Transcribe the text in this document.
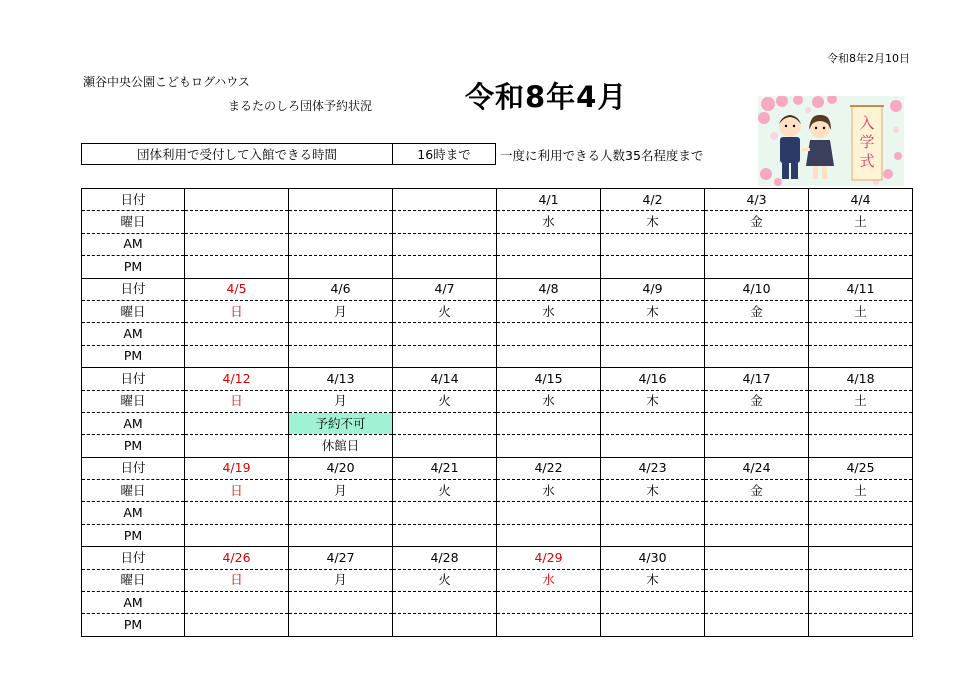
令和8年2月10日
瀬谷中央公園こどもログハウス
まるたのしろ団体予約状況	令和8年4月
入
学
式
団体利用で受付して入館できる時間	16時まで	一度に利用できる人数35名程度まで
日付				4/1	4/2	4/3	4/4
曜日				水	木	金	土
AM							
PM							
日付	4/5	4/6	4/7	4/8	4/9	4/10	4/11
曜日	日	月	火	水	木	金	土
AM							
PM							
日付	4/12	4/13	4/14	4/15	4/16	4/17	4/18
曜日	日	月	火	水	木	金	土
AM		予約不可					
PM		休館日					
日付	4/19	4/20	4/21	4/22	4/23	4/24	4/25
曜日	日	月	火	水	木	金	土
AM							
PM							
日付	4/26	4/27	4/28	4/29	4/30		
曜日	日	月	火	水	木		
AM							
PM							
